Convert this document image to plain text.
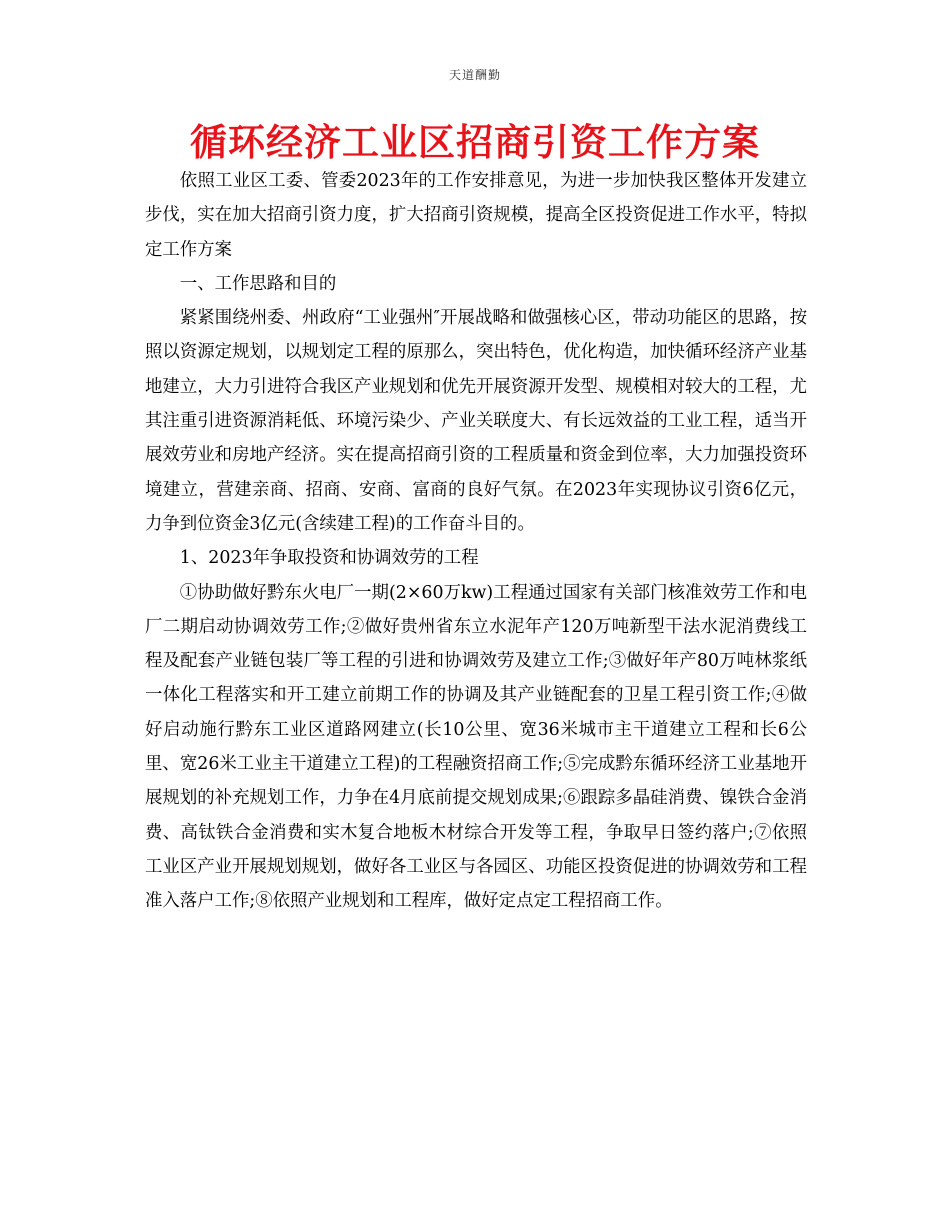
天道酬勤
循环经济工业区招商引资工作方案

依照工业区工委、管委2023年的工作安排意见，为进一步加快我区整体开发建立步伐，实在加大招商引资力度，扩大招商引资规模，提高全区投资促进工作水平，特拟定工作方案

一、工作思路和目的

紧紧围绕州委、州政府“工业强州″开展战略和做强核心区，带动功能区的思路，按照以资源定规划，以规划定工程的原那么，突出特色，优化构造，加快循环经济产业基地建立，大力引进符合我区产业规划和优先开展资源开发型、规模相对较大的工程，尤其注重引进资源消耗低、环境污染少、产业关联度大、有长远效益的工业工程，适当开展效劳业和房地产经济。实在提高招商引资的工程质量和资金到位率，大力加强投资环境建立，营建亲商、招商、安商、富商的良好气氛。在2023年实现协议引资6亿元，力争到位资金3亿元(含续建工程)的工作奋斗目的。

1、2023年争取投资和协调效劳的工程

①协助做好黔东火电厂一期(2×60万kw)工程通过国家有关部门核准效劳工作和电厂二期启动协调效劳工作;②做好贵州省东立水泥年产120万吨新型干法水泥消费线工程及配套产业链包装厂等工程的引进和协调效劳及建立工作;③做好年产80万吨林浆纸一体化工程落实和开工建立前期工作的协调及其产业链配套的卫星工程引资工作;④做好启动施行黔东工业区道路网建立(长10公里、宽36米城市主干道建立工程和长6公里、宽26米工业主干道建立工程)的工程融资招商工作;⑤完成黔东循环经济工业基地开展规划的补充规划工作，力争在4月底前提交规划成果;⑥跟踪多晶硅消费、镍铁合金消费、高钛铁合金消费和实木复合地板木材综合开发等工程，争取早日签约落户;⑦依照工业区产业开展规划规划，做好各工业区与各园区、功能区投资促进的协调效劳和工程准入落户工作;⑧依照产业规划和工程库，做好定点定工程招商工作。
